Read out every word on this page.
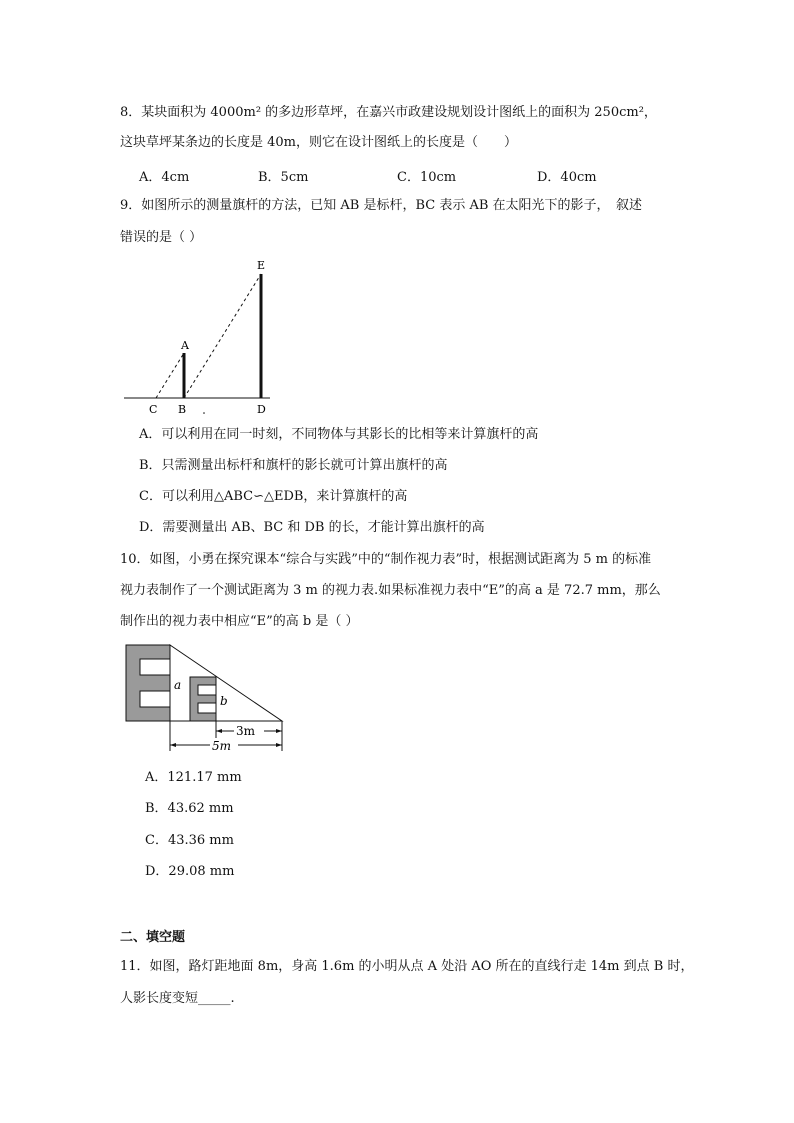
8．某块面积为 4000m² 的多边形草坪，在嘉兴市政建设规划设计图纸上的面积为 250cm²，
这块草坪某条边的长度是 40m，则它在设计图纸上的长度是（　　）
A．4cm	B．5cm	C．10cm	D．40cm
9．如图所示的测量旗杆的方法，已知 AB 是标杆，BC 表示 AB 在太阳光下的影子，　叙述
错误的是（ ）
E
A
C B	D
A．可以利用在同一时刻，不同物体与其影长的比相等来计算旗杆的高
B．只需测量出标杆和旗杆的影长就可计算出旗杆的高
C．可以利用△ABC∽△EDB，来计算旗杆的高
D．需要测量出 AB、BC 和 DB 的长，才能计算出旗杆的高
10．如图，小勇在探究课本“综合与实践”中的“制作视力表”时，根据测试距离为 5 m 的标准
视力表制作了一个测试距离为 3 m 的视力表.如果标准视力表中“E”的高 a 是 72.7 mm，那么
制作出的视力表中相应“E”的高 b 是（ ）
a
b
3m
5m
A．121.17 mm
B．43.62 mm
C．43.36 mm
D．29.08 mm
二、填空题
11．如图，路灯距地面 8m，身高 1.6m 的小明从点 A 处沿 AO 所在的直线行走 14m 到点 B 时，
人影长度变短_____.
